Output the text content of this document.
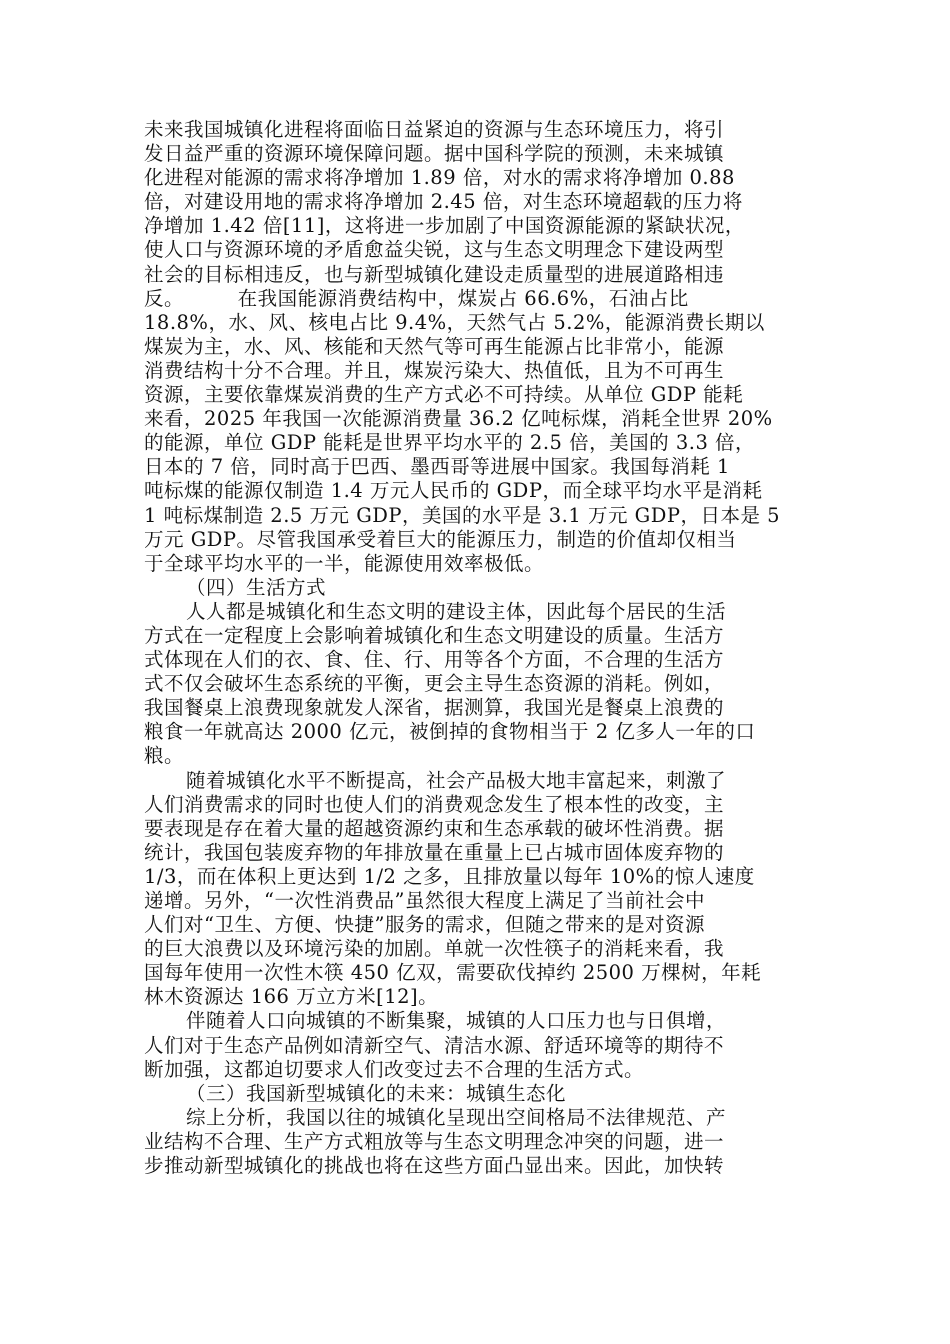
未来我国城镇化进程将面临日益紧迫的资源与生态环境压力，将引
发日益严重的资源环境保障问题。据中国科学院的预测，未来城镇
化进程对能源的需求将净增加 1.89 倍，对水的需求将净增加 0.88
倍，对建设用地的需求将净增加 2.45 倍，对生态环境超载的压力将
净增加 1.42 倍[11]，这将进一步加剧了中国资源能源的紧缺状况，
使人口与资源环境的矛盾愈益尖锐，这与生态文明理念下建设两型
社会的目标相违反，也与新型城镇化建设走质量型的进展道路相违
反。        在我国能源消费结构中，煤炭占 66.6%，石油占比
18.8%，水、风、核电占比 9.4%，天然气占 5.2%，能源消费长期以
煤炭为主，水、风、核能和天然气等可再生能源占比非常小，能源
消费结构十分不合理。并且，煤炭污染大、热值低，且为不可再生
资源，主要依靠煤炭消费的生产方式必不可持续。从单位 GDP 能耗
来看，2025 年我国一次能源消费量 36.2 亿吨标煤，消耗全世界 20%
的能源，单位 GDP 能耗是世界平均水平的 2.5 倍，美国的 3.3 倍，
日本的 7 倍，同时高于巴西、墨西哥等进展中国家。我国每消耗 1
吨标煤的能源仅制造 1.4 万元人民币的 GDP，而全球平均水平是消耗
1 吨标煤制造 2.5 万元 GDP，美国的水平是 3.1 万元 GDP，日本是 5
万元 GDP。尽管我国承受着巨大的能源压力，制造的价值却仅相当
于全球平均水平的一半，能源使用效率极低。
（四）生活方式
人人都是城镇化和生态文明的建设主体，因此每个居民的生活
方式在一定程度上会影响着城镇化和生态文明建设的质量。生活方
式体现在人们的衣、食、住、行、用等各个方面，不合理的生活方
式不仅会破坏生态系统的平衡，更会主导生态资源的消耗。例如，
我国餐桌上浪费现象就发人深省，据测算，我国光是餐桌上浪费的
粮食一年就高达 2000 亿元，被倒掉的食物相当于 2 亿多人一年的口
粮。
随着城镇化水平不断提高，社会产品极大地丰富起来，刺激了
人们消费需求的同时也使人们的消费观念发生了根本性的改变，主
要表现是存在着大量的超越资源约束和生态承载的破坏性消费。据
统计，我国包装废弃物的年排放量在重量上已占城市固体废弃物的
1/3，而在体积上更达到 1/2 之多，且排放量以每年 10%的惊人速度
递增。另外，“一次性消费品”虽然很大程度上满足了当前社会中
人们对“卫生、方便、快捷”服务的需求，但随之带来的是对资源
的巨大浪费以及环境污染的加剧。单就一次性筷子的消耗来看，我
国每年使用一次性木筷 450 亿双，需要砍伐掉约 2500 万棵树，年耗
林木资源达 166 万立方米[12]。
伴随着人口向城镇的不断集聚，城镇的人口压力也与日俱增，
人们对于生态产品例如清新空气、清洁水源、舒适环境等的期待不
断加强，这都迫切要求人们改变过去不合理的生活方式。
（三）我国新型城镇化的未来：城镇生态化
综上分析，我国以往的城镇化呈现出空间格局不法律规范、产
业结构不合理、生产方式粗放等与生态文明理念冲突的问题，进一
步推动新型城镇化的挑战也将在这些方面凸显出来。因此，加快转
